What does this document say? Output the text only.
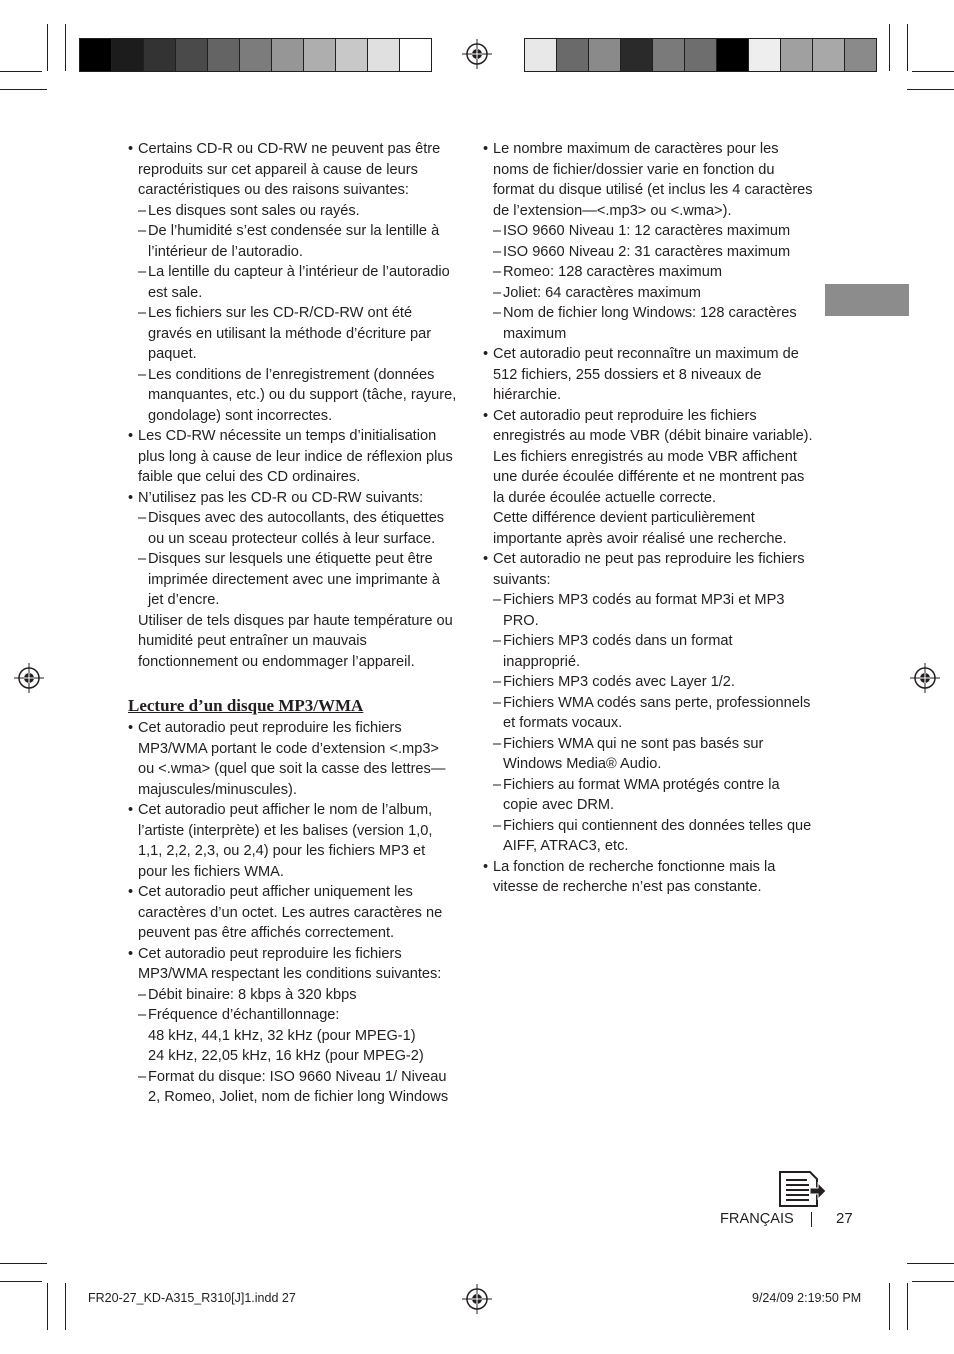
• Certains CD-R ou CD-RW ne peuvent pas être reproduits sur cet appareil à cause de leurs caractéristiques ou des raisons suivantes:
– Les disques sont sales ou rayés.
– De l’humidité s’est condensée sur la lentille à l’intérieur de l’autoradio.
– La lentille du capteur à l’intérieur de l’autoradio est sale.
– Les fichiers sur les CD-R/CD-RW ont été gravés en utilisant la méthode d’écriture par paquet.
– Les conditions de l’enregistrement (données manquantes, etc.) ou du support (tâche, rayure, gondolage) sont incorrectes.
• Les CD-RW nécessite un temps d’initialisation plus long à cause de leur indice de réflexion plus faible que celui des CD ordinaires.
• N’utilisez pas les CD-R ou CD-RW suivants:
– Disques avec des autocollants, des étiquettes ou un sceau protecteur collés à leur surface.
– Disques sur lesquels une étiquette peut être imprimée directement avec une imprimante à jet d’encre.
Utiliser de tels disques par haute température ou humidité peut entraîner un mauvais fonctionnement ou endommager l’appareil.
Lecture d’un disque MP3/WMA
• Cet autoradio peut reproduire les fichiers MP3/WMA portant le code d’extension <.mp3> ou <.wma> (quel que soit la casse des lettres—majuscules/minuscules).
• Cet autoradio peut afficher le nom de l’album, l’artiste (interprète) et les balises (version 1,0, 1,1, 2,2, 2,3, ou 2,4) pour les fichiers MP3 et pour les fichiers WMA.
• Cet autoradio peut afficher uniquement les caractères d’un octet. Les autres caractères ne peuvent pas être affichés correctement.
• Cet autoradio peut reproduire les fichiers MP3/WMA respectant les conditions suivantes:
– Débit binaire: 8 kbps à 320 kbps
– Fréquence d’échantillonnage:
48 kHz, 44,1 kHz, 32 kHz (pour MPEG-1)
24 kHz, 22,05 kHz, 16 kHz (pour MPEG-2)
– Format du disque: ISO 9660 Niveau 1/ Niveau 2, Romeo, Joliet, nom de fichier long Windows
• Le nombre maximum de caractères pour les noms de fichier/dossier varie en fonction du format du disque utilisé (et inclus les 4 caractères de l’extension—<.mp3> ou <.wma>).
– ISO 9660 Niveau 1: 12 caractères maximum
– ISO 9660 Niveau 2: 31 caractères maximum
– Romeo: 128 caractères maximum
– Joliet: 64 caractères maximum
– Nom de fichier long Windows: 128 caractères maximum
• Cet autoradio peut reconnaître un maximum de 512 fichiers, 255 dossiers et 8 niveaux de hiérarchie.
• Cet autoradio peut reproduire les fichiers enregistrés au mode VBR (débit binaire variable).
Les fichiers enregistrés au mode VBR affichent une durée écoulée différente et ne montrent pas la durée écoulée actuelle correcte.
Cette différence devient particulièrement importante après avoir réalisé une recherche.
• Cet autoradio ne peut pas reproduire les fichiers suivants:
– Fichiers MP3 codés au format MP3i et MP3 PRO.
– Fichiers MP3 codés dans un format inapproprié.
– Fichiers MP3 codés avec Layer 1/2.
– Fichiers WMA codés sans perte, professionnels et formats vocaux.
– Fichiers WMA qui ne sont pas basés sur Windows Media® Audio.
– Fichiers au format WMA protégés contre la copie avec DRM.
– Fichiers qui contiennent des données telles que AIFF, ATRAC3, etc.
• La fonction de recherche fonctionne mais la vitesse de recherche n’est pas constante.
FRANÇAIS	27
FR20-27_KD-A315_R310[J]1.indd 27	9/24/09 2:19:50 PM
